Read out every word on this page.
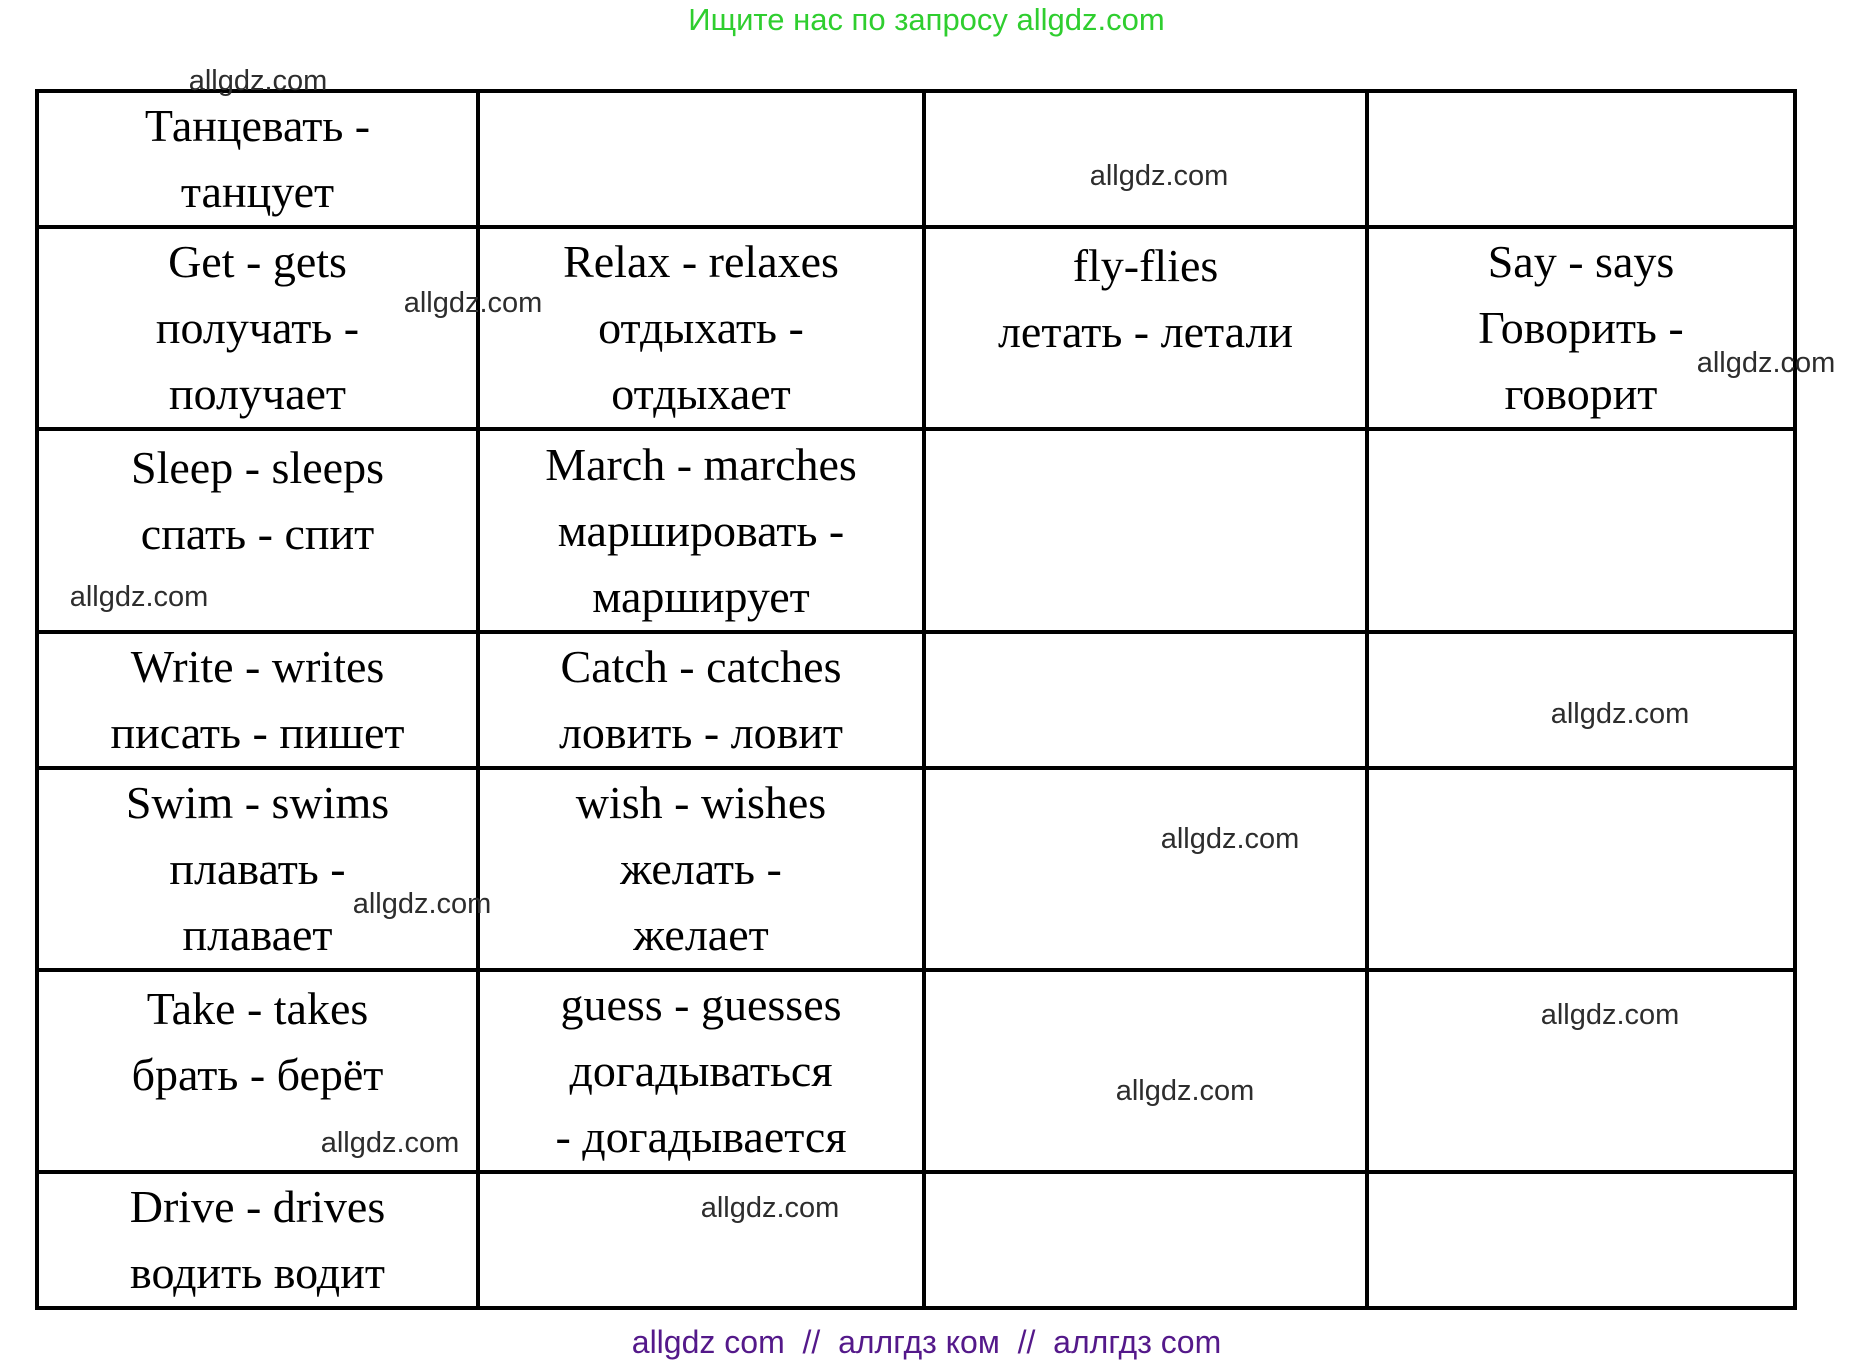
Ищите нас по запросу allgdz.com
Танцевать -
танцует
Get - gets
получать -
получает
Relax - relaxes
отдыхать -
отдыхает
fly-flies
летать - летали
Say - says
Говорить -
говорит
Sleep - sleeps
спать - спит
March - marches
маршировать -
марширует
Write - writes
писать - пишет
Catch - catches
ловить - ловит
Swim - swims
плавать -
плавает
wish - wishes
желать -
желает
Take - takes
брать - берёт
guess - guesses
догадываться
- догадывается
Drive - drives
водить водит
allgdz.com
allgdz.com
allgdz.com
allgdz.com
allgdz.com
allgdz.com
allgdz.com
allgdz.com
allgdz.com
allgdz.com
allgdz.com
allgdz.com
allgdz com  //  аллгдз ком  //  аллгдз com
